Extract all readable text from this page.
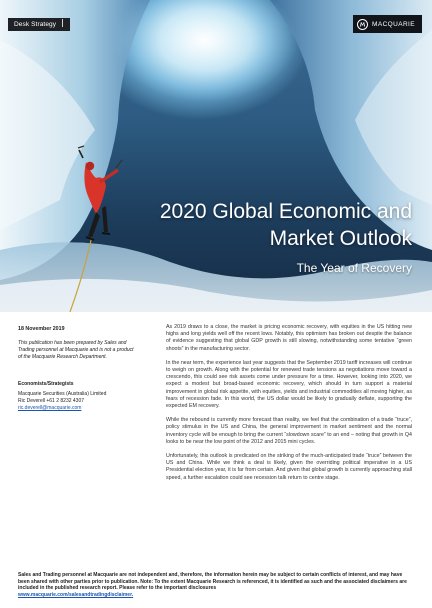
Desk Strategy	MACQUARIE
2020 Global Economic and Market Outlook
The Year of Recovery
18 November 2019
This publication has been prepared by Sales and Trading personnel at Macquarie and is not a product of the Macquarie Research Department.
Economists/Strategists
Macquarie Securities (Australia) Limited
Ric Deverell +61 2 8232 4307
ric.deverell@macquarie.com

As 2019 draws to a close, the market is pricing economic recovery, with equities in the US hitting new highs and long yields well off the recent lows. Notably, this optimism has broken out despite the balance of evidence suggesting that global GDP growth is still slowing, notwithstanding some tentative “green shoots” in the manufacturing sector.

In the near term, the experience last year suggests that the September 2019 tariff increases will continue to weigh on growth. Along with the potential for renewed trade tensions as negotiations move toward a crescendo, this could see risk assets come under pressure for a time. However, looking into 2020, we expect a modest but broad-based economic recovery, which should in turn support a material improvement in global risk appetite, with equities, yields and industrial commodities all moving higher, as fears of recession fade. In this world, the US dollar would be likely to gradually deflate, supporting the expected EM recovery.

While the rebound is currently more forecast than reality, we feel that the combination of a trade “truce”, policy stimulus in the US and China, the general improvement in market sentiment and the normal inventory cycle will be enough to bring the current “slowdown scare” to an end – noting that growth in Q4 looks to be near the low point of the 2012 and 2015 mini cycles.

Unfortunately, this outlook is predicated on the striking of the much-anticipated trade “truce” between the US and China. While we think a deal is likely, given the overriding political imperative in a US Presidential election year, it is far from certain. And given that global growth is currently approaching stall speed, a further escalation could see recession talk return to centre stage.

Sales and Trading personnel at Macquarie are not independent and, therefore, the information herein may be subject to certain conflicts of interest, and may have been shared with other parties prior to publication. Note: To the extent Macquarie Research is referenced, it is identified as such and the associated disclaimers are included in the published research report. Please refer to the important disclosures
www.macquarie.com/salesandtradingdisclaimer.
